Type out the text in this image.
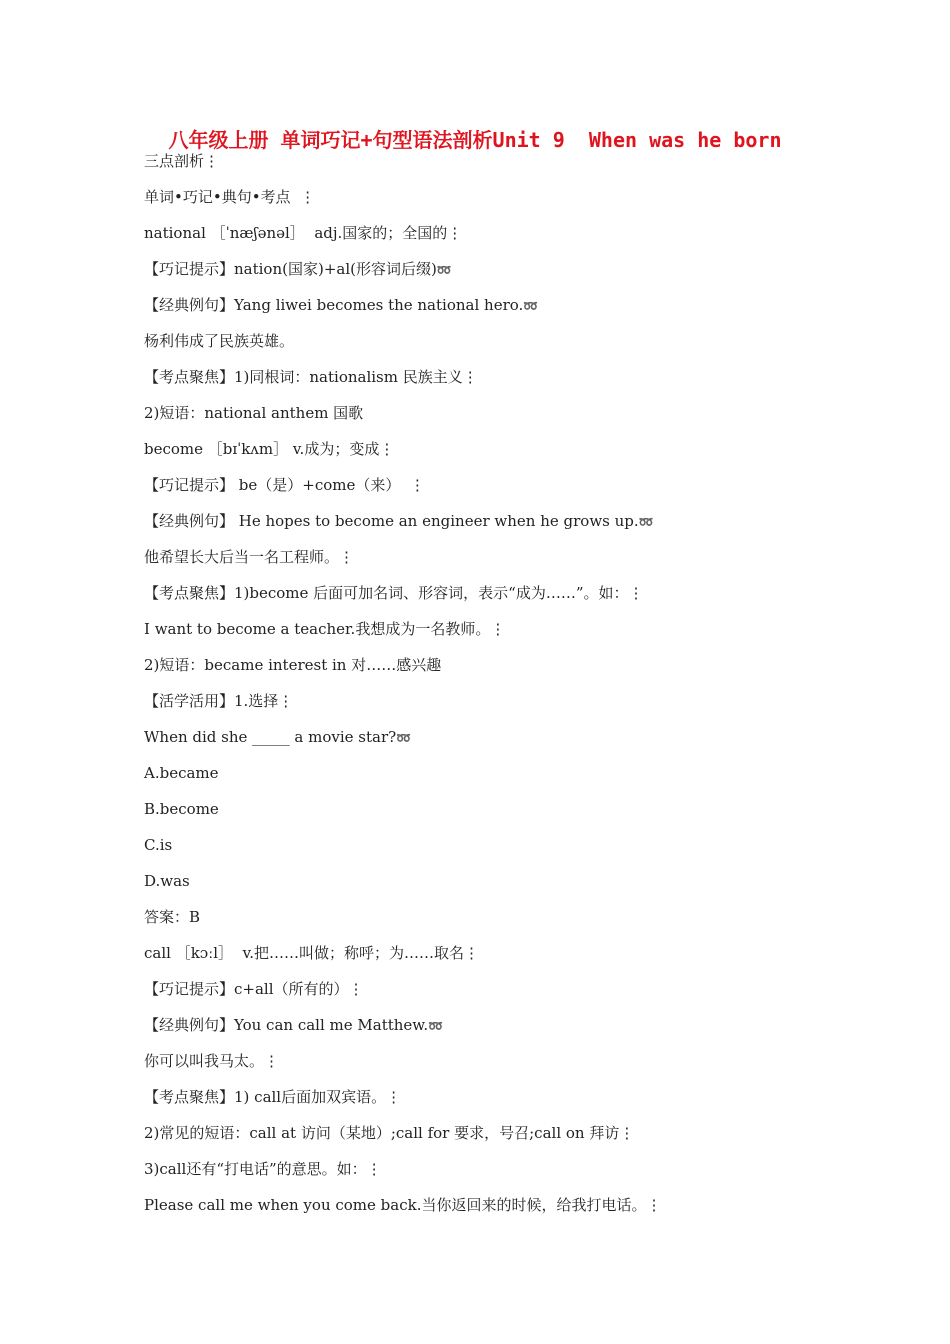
八年级上册 单词巧记+句型语法剖析Unit 9  When was he born
三点剖析⋮
单词•巧记•典句•考点  ⋮
national ［ˈnæʃənəl］  adj.国家的；全国的⋮
【巧记提示】nation(国家)+al(形容词后缀)➿
【经典例句】Yang liwei becomes the national hero.➿
杨利伟成了民族英雄。
【考点聚焦】1)同根词：nationalism 民族主义⋮
2)短语：national anthem 国歌
become ［bɪˈkʌm］ v.成为；变成⋮
【巧记提示】 be（是）+come（来）  ⋮
【经典例句】 He hopes to become an engineer when he grows up.➿
他希望长大后当一名工程师。⋮
【考点聚焦】1)become 后面可加名词、形容词，表示“成为……”。如：⋮
I want to become a teacher.我想成为一名教师。⋮
2)短语：became interest in 对……感兴趣
【活学活用】1.选择⋮
When did she _____ a movie star?➿
A.became
B.become
C.is
D.was
答案：B
call ［kɔːl］  v.把……叫做；称呼；为……取名⋮
【巧记提示】c+all（所有的）⋮
【经典例句】You can call me Matthew.➿
你可以叫我马太。⋮
【考点聚焦】1) call后面加双宾语。⋮
2)常见的短语：call at 访问（某地）;call for 要求，号召;call on 拜访⋮
3)call还有“打电话”的意思。如：⋮
Please call me when you come back.当你返回来的时候，给我打电话。⋮
